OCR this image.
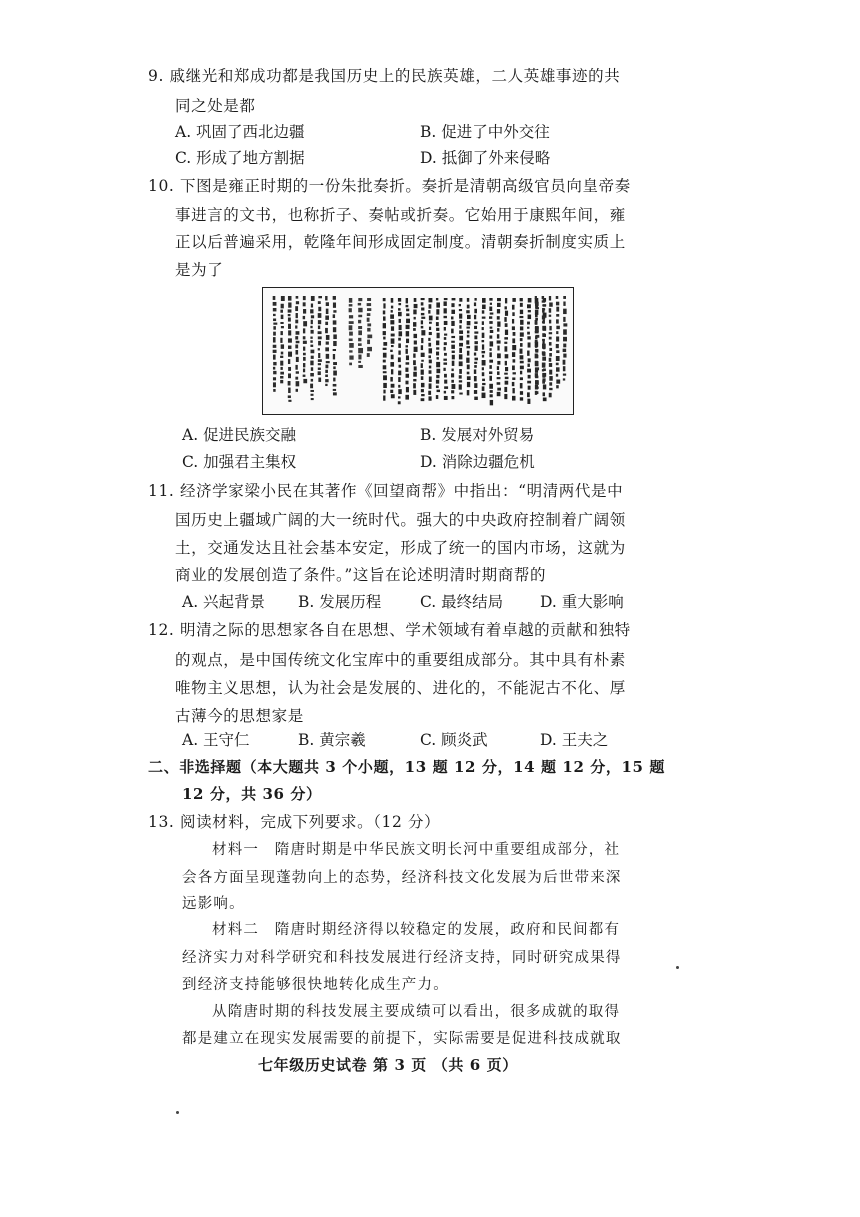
9. 戚继光和郑成功都是我国历史上的民族英雄，二人英雄事迹的共
同之处是都
A. 巩固了西北边疆	B. 促进了中外交往
C. 形成了地方割据	D. 抵御了外来侵略
10. 下图是雍正时期的一份朱批奏折。奏折是清朝高级官员向皇帝奏
事进言的文书，也称折子、奏帖或折奏。它始用于康熙年间，雍
正以后普遍采用，乾隆年间形成固定制度。清朝奏折制度实质上
是为了
A. 促进民族交融	B. 发展对外贸易
C. 加强君主集权	D. 消除边疆危机
11. 经济学家梁小民在其著作《回望商帮》中指出：“明清两代是中
国历史上疆域广阔的大一统时代。强大的中央政府控制着广阔领
土，交通发达且社会基本安定，形成了统一的国内市场，这就为
商业的发展创造了条件。”这旨在论述明清时期商帮的
A. 兴起背景 B. 发展历程	C. 最终结局 D. 重大影响
12. 明清之际的思想家各自在思想、学术领域有着卓越的贡献和独特
的观点，是中国传统文化宝库中的重要组成部分。其中具有朴素
唯物主义思想，认为社会是发展的、进化的，不能泥古不化、厚
古薄今的思想家是
A. 王守仁	B. 黄宗羲	C. 顾炎武	D. 王夫之
二、非选择题（本大题共 3 个小题，13 题 12 分，14 题 12 分，15 题
12 分，共 36 分）
13. 阅读材料，完成下列要求。（12 分）
材料一　隋唐时期是中华民族文明长河中重要组成部分，社
会各方面呈现蓬勃向上的态势，经济科技文化发展为后世带来深
远影响。
材料二　隋唐时期经济得以较稳定的发展，政府和民间都有
经济实力对科学研究和科技发展进行经济支持，同时研究成果得
到经济支持能够很快地转化成生产力。
从隋唐时期的科技发展主要成绩可以看出，很多成就的取得
都是建立在现实发展需要的前提下，实际需要是促进科技成就取
七年级历史试卷 第 3 页 （共 6 页）
